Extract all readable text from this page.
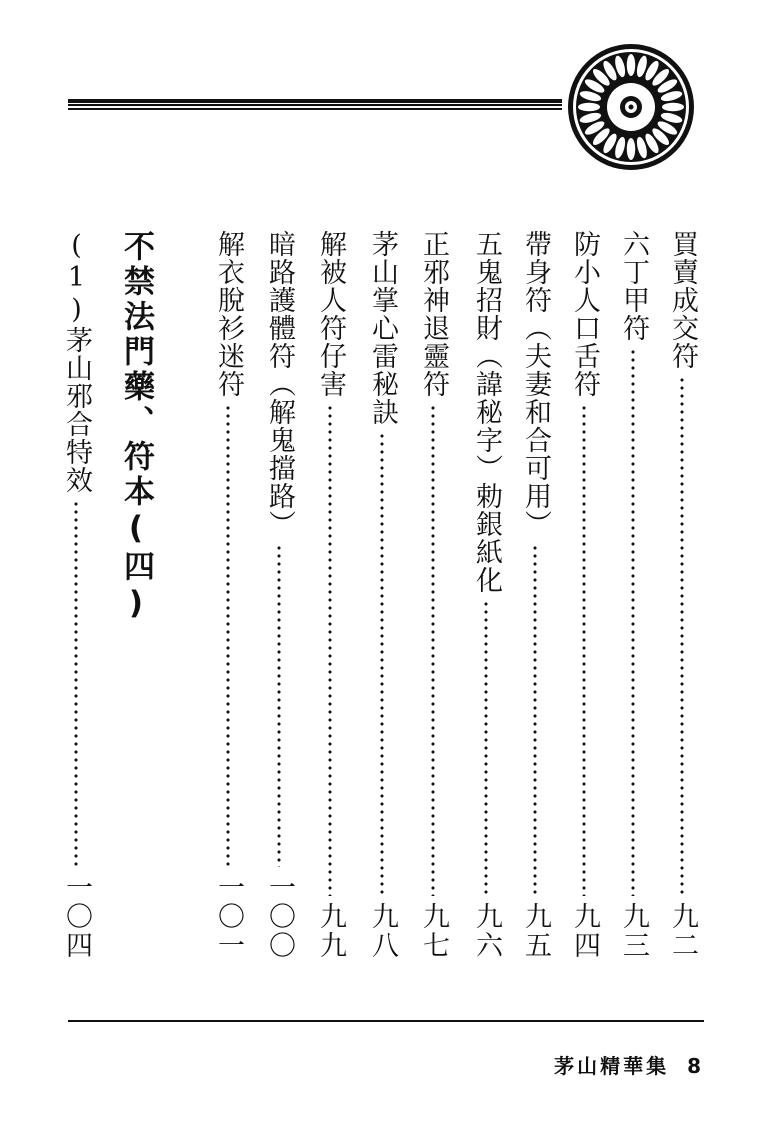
買賣成交符
九二
六丁甲符
九三
防小人口舌符
九四
帶身符（夫妻和合可用）
九五
五鬼招財（諱秘字）勅銀紙化
九六
正邪神退靈符
九七
茅山掌心雷秘訣
九八
解被人符仔害
九九
暗路護體符（解鬼擋路）
一〇〇
解衣脫衫迷符
一〇一
不禁法門藥、符本(四)
(1)茅山邪合特效
一〇四
茅山精華集 8
